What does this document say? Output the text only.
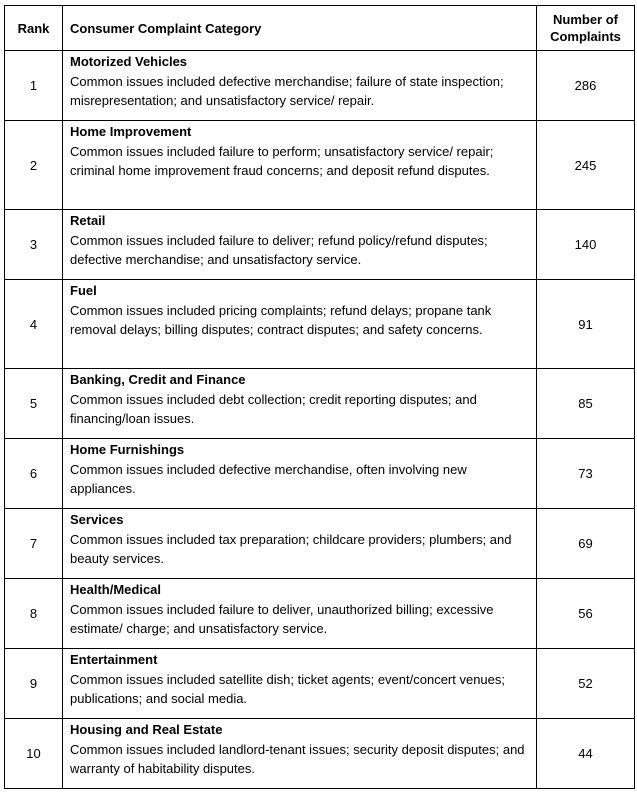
Rank	Consumer Complaint Category	Number of
Complaints
1	Motorized Vehicles
Common issues included defective merchandise; failure of state inspection; misrepresentation; and unsatisfactory service/ repair.	286
2	Home Improvement
Common issues included failure to perform; unsatisfactory service/ repair; criminal home improvement fraud concerns; and deposit refund disputes.	245
3	Retail
Common issues included failure to deliver; refund policy/refund disputes; defective merchandise; and unsatisfactory service.	140
4	Fuel
Common issues included pricing complaints; refund delays; propane tank removal delays; billing disputes; contract disputes; and safety concerns.	91
5	Banking, Credit and Finance
Common issues included debt collection; credit reporting disputes; and financing/loan issues.	85
6	Home Furnishings
Common issues included defective merchandise, often involving new appliances.	73
7	Services
Common issues included tax preparation; childcare providers; plumbers; and beauty services.	69
8	Health/Medical
Common issues included failure to deliver, unauthorized billing; excessive estimate/ charge; and unsatisfactory service.	56
9	Entertainment
Common issues included satellite dish; ticket agents; event/concert venues; publications; and social media.	52
10	Housing and Real Estate
Common issues included landlord-tenant issues; security deposit disputes; and warranty of habitability disputes.	44
